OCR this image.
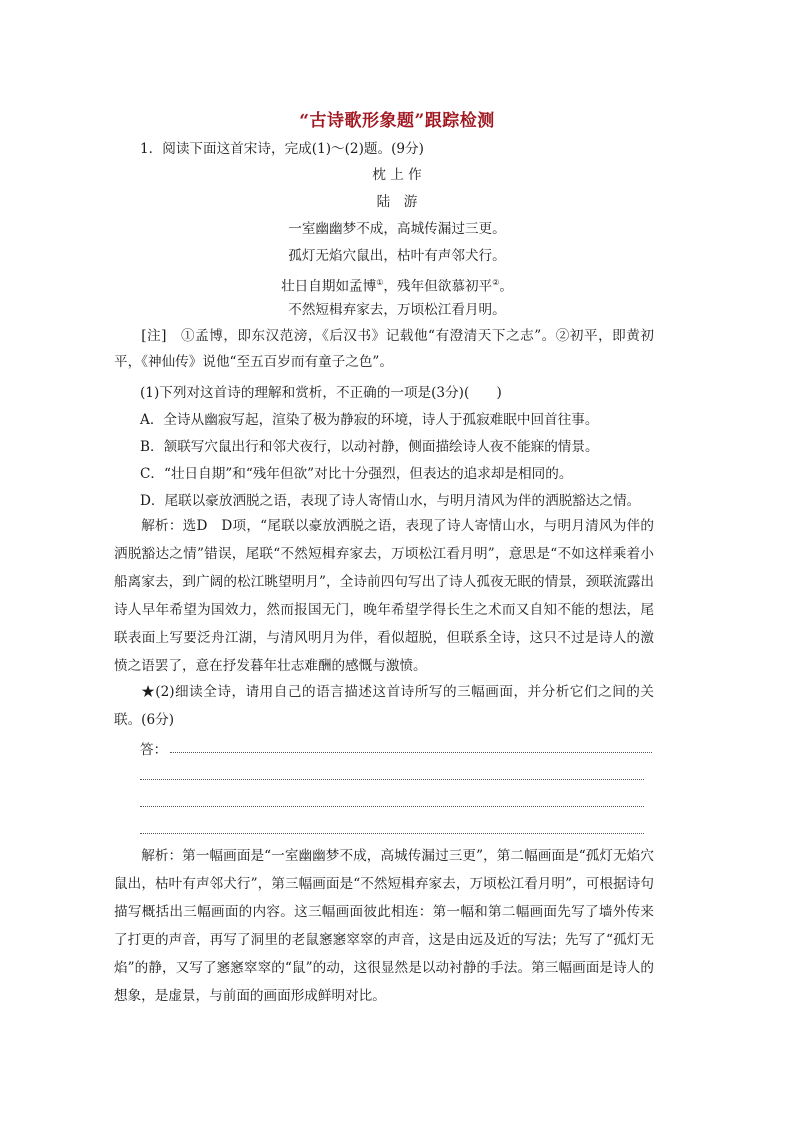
“古诗歌形象题”跟踪检测
1．阅读下面这首宋诗，完成(1)～(2)题。(9分)
枕 上 作
陆　游
一室幽幽梦不成，高城传漏过三更。
孤灯无焰穴鼠出，枯叶有声邻犬行。
壮日自期如孟博①，残年但欲慕初平②。
不然短楫弃家去，万顷松江看月明。
[注]　①孟博，即东汉范滂，《后汉书》记载他“有澄清天下之志”。②初平，即黄初平，《神仙传》说他“至五百岁而有童子之色”。
(1)下列对这首诗的理解和赏析，不正确的一项是(3分)(　　)
A．全诗从幽寂写起，渲染了极为静寂的环境，诗人于孤寂难眠中回首往事。
B．颔联写穴鼠出行和邻犬夜行，以动衬静，侧面描绘诗人夜不能寐的情景。
C．“壮日自期”和“残年但欲”对比十分强烈，但表达的追求却是相同的。
D．尾联以豪放洒脱之语，表现了诗人寄情山水，与明月清风为伴的洒脱豁达之情。
解析：选D　D项，“尾联以豪放洒脱之语，表现了诗人寄情山水，与明月清风为伴的洒脱豁达之情”错误，尾联“不然短楫弃家去，万顷松江看月明”，意思是“不如这样乘着小船离家去，到广阔的松江眺望明月”，全诗前四句写出了诗人孤夜无眠的情景，颈联流露出诗人早年希望为国效力，然而报国无门，晚年希望学得长生之术而又自知不能的想法，尾联表面上写要泛舟江湖，与清风明月为伴，看似超脱，但联系全诗，这只不过是诗人的激愤之语罢了，意在抒发暮年壮志难酬的感慨与激愤。
★(2)细读全诗，请用自己的语言描述这首诗所写的三幅画面，并分析它们之间的关联。(6分)
答：
解析：第一幅画面是“一室幽幽梦不成，高城传漏过三更”，第二幅画面是“孤灯无焰穴鼠出，枯叶有声邻犬行”，第三幅画面是“不然短楫弃家去，万顷松江看月明”，可根据诗句描写概括出三幅画面的内容。这三幅画面彼此相连：第一幅和第二幅画面先写了墙外传来了打更的声音，再写了洞里的老鼠窸窸窣窣的声音，这是由远及近的写法；先写了“孤灯无焰”的静，又写了窸窸窣窣的“鼠”的动，这很显然是以动衬静的手法。第三幅画面是诗人的想象，是虚景，与前面的画面形成鲜明对比。
